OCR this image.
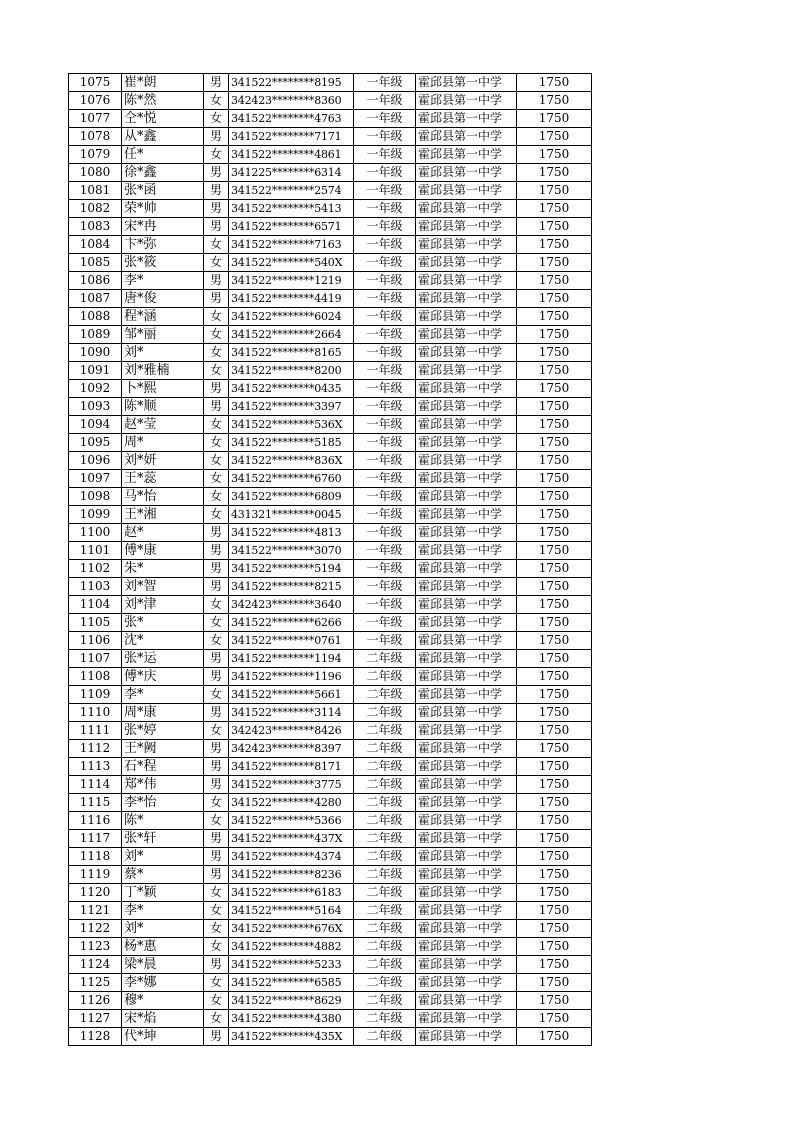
1075	崔*朗	男	341522********8195	一年级	霍邱县第一中学	1750
1076	陈*然	女	342423********8360	一年级	霍邱县第一中学	1750
1077	仝*悦	女	341522********4763	一年级	霍邱县第一中学	1750
1078	从*鑫	男	341522********7171	一年级	霍邱县第一中学	1750
1079	任*	女	341522********4861	一年级	霍邱县第一中学	1750
1080	徐*鑫	男	341225********6314	一年级	霍邱县第一中学	1750
1081	张*函	男	341522********2574	一年级	霍邱县第一中学	1750
1082	荣*帅	男	341522********5413	一年级	霍邱县第一中学	1750
1083	宋*冉	男	341522********6571	一年级	霍邱县第一中学	1750
1084	卞*弥	女	341522********7163	一年级	霍邱县第一中学	1750
1085	张*筱	女	341522********540X	一年级	霍邱县第一中学	1750
1086	李*	男	341522********1219	一年级	霍邱县第一中学	1750
1087	唐*俊	男	341522********4419	一年级	霍邱县第一中学	1750
1088	程*涵	女	341522********6024	一年级	霍邱县第一中学	1750
1089	邹*丽	女	341522********2664	一年级	霍邱县第一中学	1750
1090	刘*	女	341522********8165	一年级	霍邱县第一中学	1750
1091	刘*雅楠	女	341522********8200	一年级	霍邱县第一中学	1750
1092	卜*熙	男	341522********0435	一年级	霍邱县第一中学	1750
1093	陈*顺	男	341522********3397	一年级	霍邱县第一中学	1750
1094	赵*莹	女	341522********536X	一年级	霍邱县第一中学	1750
1095	周*	女	341522********5185	一年级	霍邱县第一中学	1750
1096	刘*妍	女	341522********836X	一年级	霍邱县第一中学	1750
1097	王*蕊	女	341522********6760	一年级	霍邱县第一中学	1750
1098	马*怡	女	341522********6809	一年级	霍邱县第一中学	1750
1099	王*湘	女	431321********0045	一年级	霍邱县第一中学	1750
1100	赵*	男	341522********4813	一年级	霍邱县第一中学	1750
1101	傅*康	男	341522********3070	一年级	霍邱县第一中学	1750
1102	朱*	男	341522********5194	一年级	霍邱县第一中学	1750
1103	刘*智	男	341522********8215	一年级	霍邱县第一中学	1750
1104	刘*津	女	342423********3640	一年级	霍邱县第一中学	1750
1105	张*	女	341522********6266	一年级	霍邱县第一中学	1750
1106	沈*	女	341522********0761	一年级	霍邱县第一中学	1750
1107	张*运	男	341522********1194	二年级	霍邱县第一中学	1750
1108	傅*庆	男	341522********1196	二年级	霍邱县第一中学	1750
1109	李*	女	341522********5661	二年级	霍邱县第一中学	1750
1110	周*康	男	341522********3114	二年级	霍邱县第一中学	1750
1111	张*婷	女	342423********8426	二年级	霍邱县第一中学	1750
1112	王*阙	男	342423********8397	二年级	霍邱县第一中学	1750
1113	石*程	男	341522********8171	二年级	霍邱县第一中学	1750
1114	郑*伟	男	341522********3775	二年级	霍邱县第一中学	1750
1115	李*怡	女	341522********4280	二年级	霍邱县第一中学	1750
1116	陈*	女	341522********5366	二年级	霍邱县第一中学	1750
1117	张*轩	男	341522********437X	二年级	霍邱县第一中学	1750
1118	刘*	男	341522********4374	二年级	霍邱县第一中学	1750
1119	蔡*	男	341522********8236	二年级	霍邱县第一中学	1750
1120	丁*颖	女	341522********6183	二年级	霍邱县第一中学	1750
1121	李*	女	341522********5164	二年级	霍邱县第一中学	1750
1122	刘*	女	341522********676X	二年级	霍邱县第一中学	1750
1123	杨*惠	女	341522********4882	二年级	霍邱县第一中学	1750
1124	梁*晨	男	341522********5233	二年级	霍邱县第一中学	1750
1125	李*娜	女	341522********6585	二年级	霍邱县第一中学	1750
1126	穆*	女	341522********8629	二年级	霍邱县第一中学	1750
1127	宋*焰	女	341522********4380	二年级	霍邱县第一中学	1750
1128	代*坤	男	341522********435X	二年级	霍邱县第一中学	1750
